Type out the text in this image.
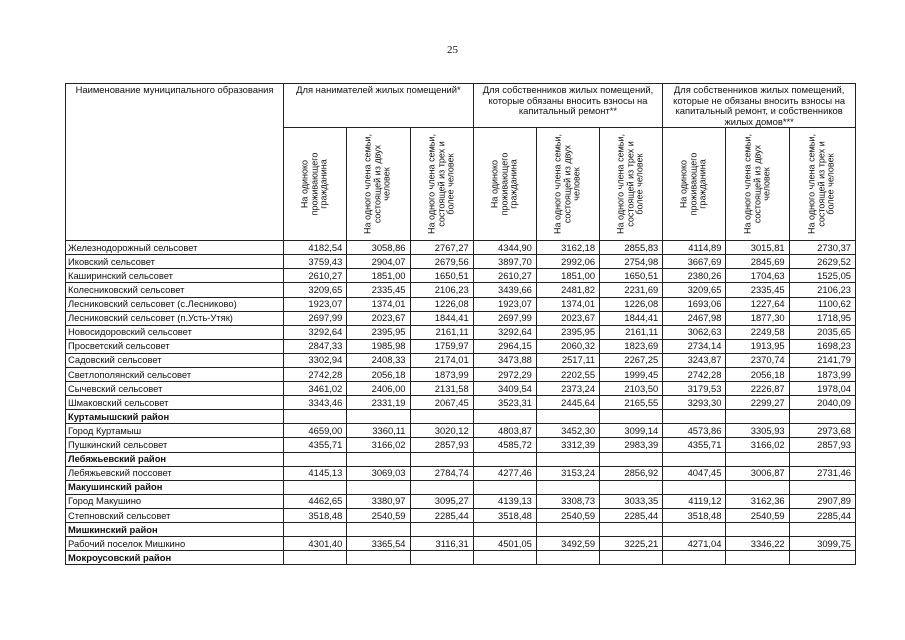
25
Наименование муниципального образования	Для нанимателей жилых помещений*			Для собственников жилых помещений, которые обязаны вносить взносы на капитальный ремонт**			Для собственников жилых помещений, которые не обязаны вносить взносы на капитальный ремонт, и собственников жилых домов***		

	На одиноко проживающего гражданина	На одного члена семьи, состоящей из двух человек	На одного члена семьи, состоящей из трех и более человек	На одиноко проживающего гражданина	На одного члена семьи, состоящей из двух человек	На одного члена семьи, состоящей из трех и более человек	На одиноко проживающего гражданина	На одного члена семьи, состоящей из двух человек	На одного члена семьи, состоящей из трех и более человек

Железнодорожный сельсовет	4182,54	3058,86	2767,27	4344,90	3162,18	2855,83	4114,89	3015,81	2730,37
Иковский сельсовет	3759,43	2904,07	2679,56	3897,70	2992,06	2754,98	3667,69	2845,69	2629,52
Каширинский сельсовет	2610,27	1851,00	1650,51	2610,27	1851,00	1650,51	2380,26	1704,63	1525,05
Колесниковский сельсовет	3209,65	2335,45	2106,23	3439,66	2481,82	2231,69	3209,65	2335,45	2106,23
Лесниковский сельсовет (с.Лесниково)	1923,07	1374,01	1226,08	1923,07	1374,01	1226,08	1693,06	1227,64	1100,62
Лесниковский сельсовет (п.Усть-Утяк)	2697,99	2023,67	1844,41	2697,99	2023,67	1844,41	2467,98	1877,30	1718,95
Новосидоровский сельсовет	3292,64	2395,95	2161,11	3292,64	2395,95	2161,11	3062,63	2249,58	2035,65
Просветский сельсовет	2847,33	1985,98	1759,97	2964,15	2060,32	1823,69	2734,14	1913,95	1698,23
Садовский сельсовет	3302,94	2408,33	2174,01	3473,88	2517,11	2267,25	3243,87	2370,74	2141,79
Светлополянский сельсовет	2742,28	2056,18	1873,99	2972,29	2202,55	1999,45	2742,28	2056,18	1873,99
Сычевский сельсовет	3461,02	2406,00	2131,58	3409,54	2373,24	2103,50	3179,53	2226,87	1978,04
Шмаковский сельсовет	3343,46	2331,19	2067,45	3523,31	2445,64	2165,55	3293,30	2299,27	2040,09
Куртамышский район									
Город Куртамыш	4659,00	3360,11	3020,12	4803,87	3452,30	3099,14	4573,86	3305,93	2973,68
Пушкинский сельсовет	4355,71	3166,02	2857,93	4585,72	3312,39	2983,39	4355,71	3166,02	2857,93
Лебяжьевский район									
Лебяжьевский поссовет	4145,13	3069,03	2784,74	4277,46	3153,24	2856,92	4047,45	3006,87	2731,46
Макушинский район									
Город Макушино	4462,65	3380,97	3095,27	4139,13	3308,73	3033,35	4119,12	3162,36	2907,89
Степновский сельсовет	3518,48	2540,59	2285,44	3518,48	2540,59	2285,44	3518,48	2540,59	2285,44
Мишкинский район									
Рабочий поселок Мишкино	4301,40	3365,54	3116,31	4501,05	3492,59	3225,21	4271,04	3346,22	3099,75
Мокроусовский район									
